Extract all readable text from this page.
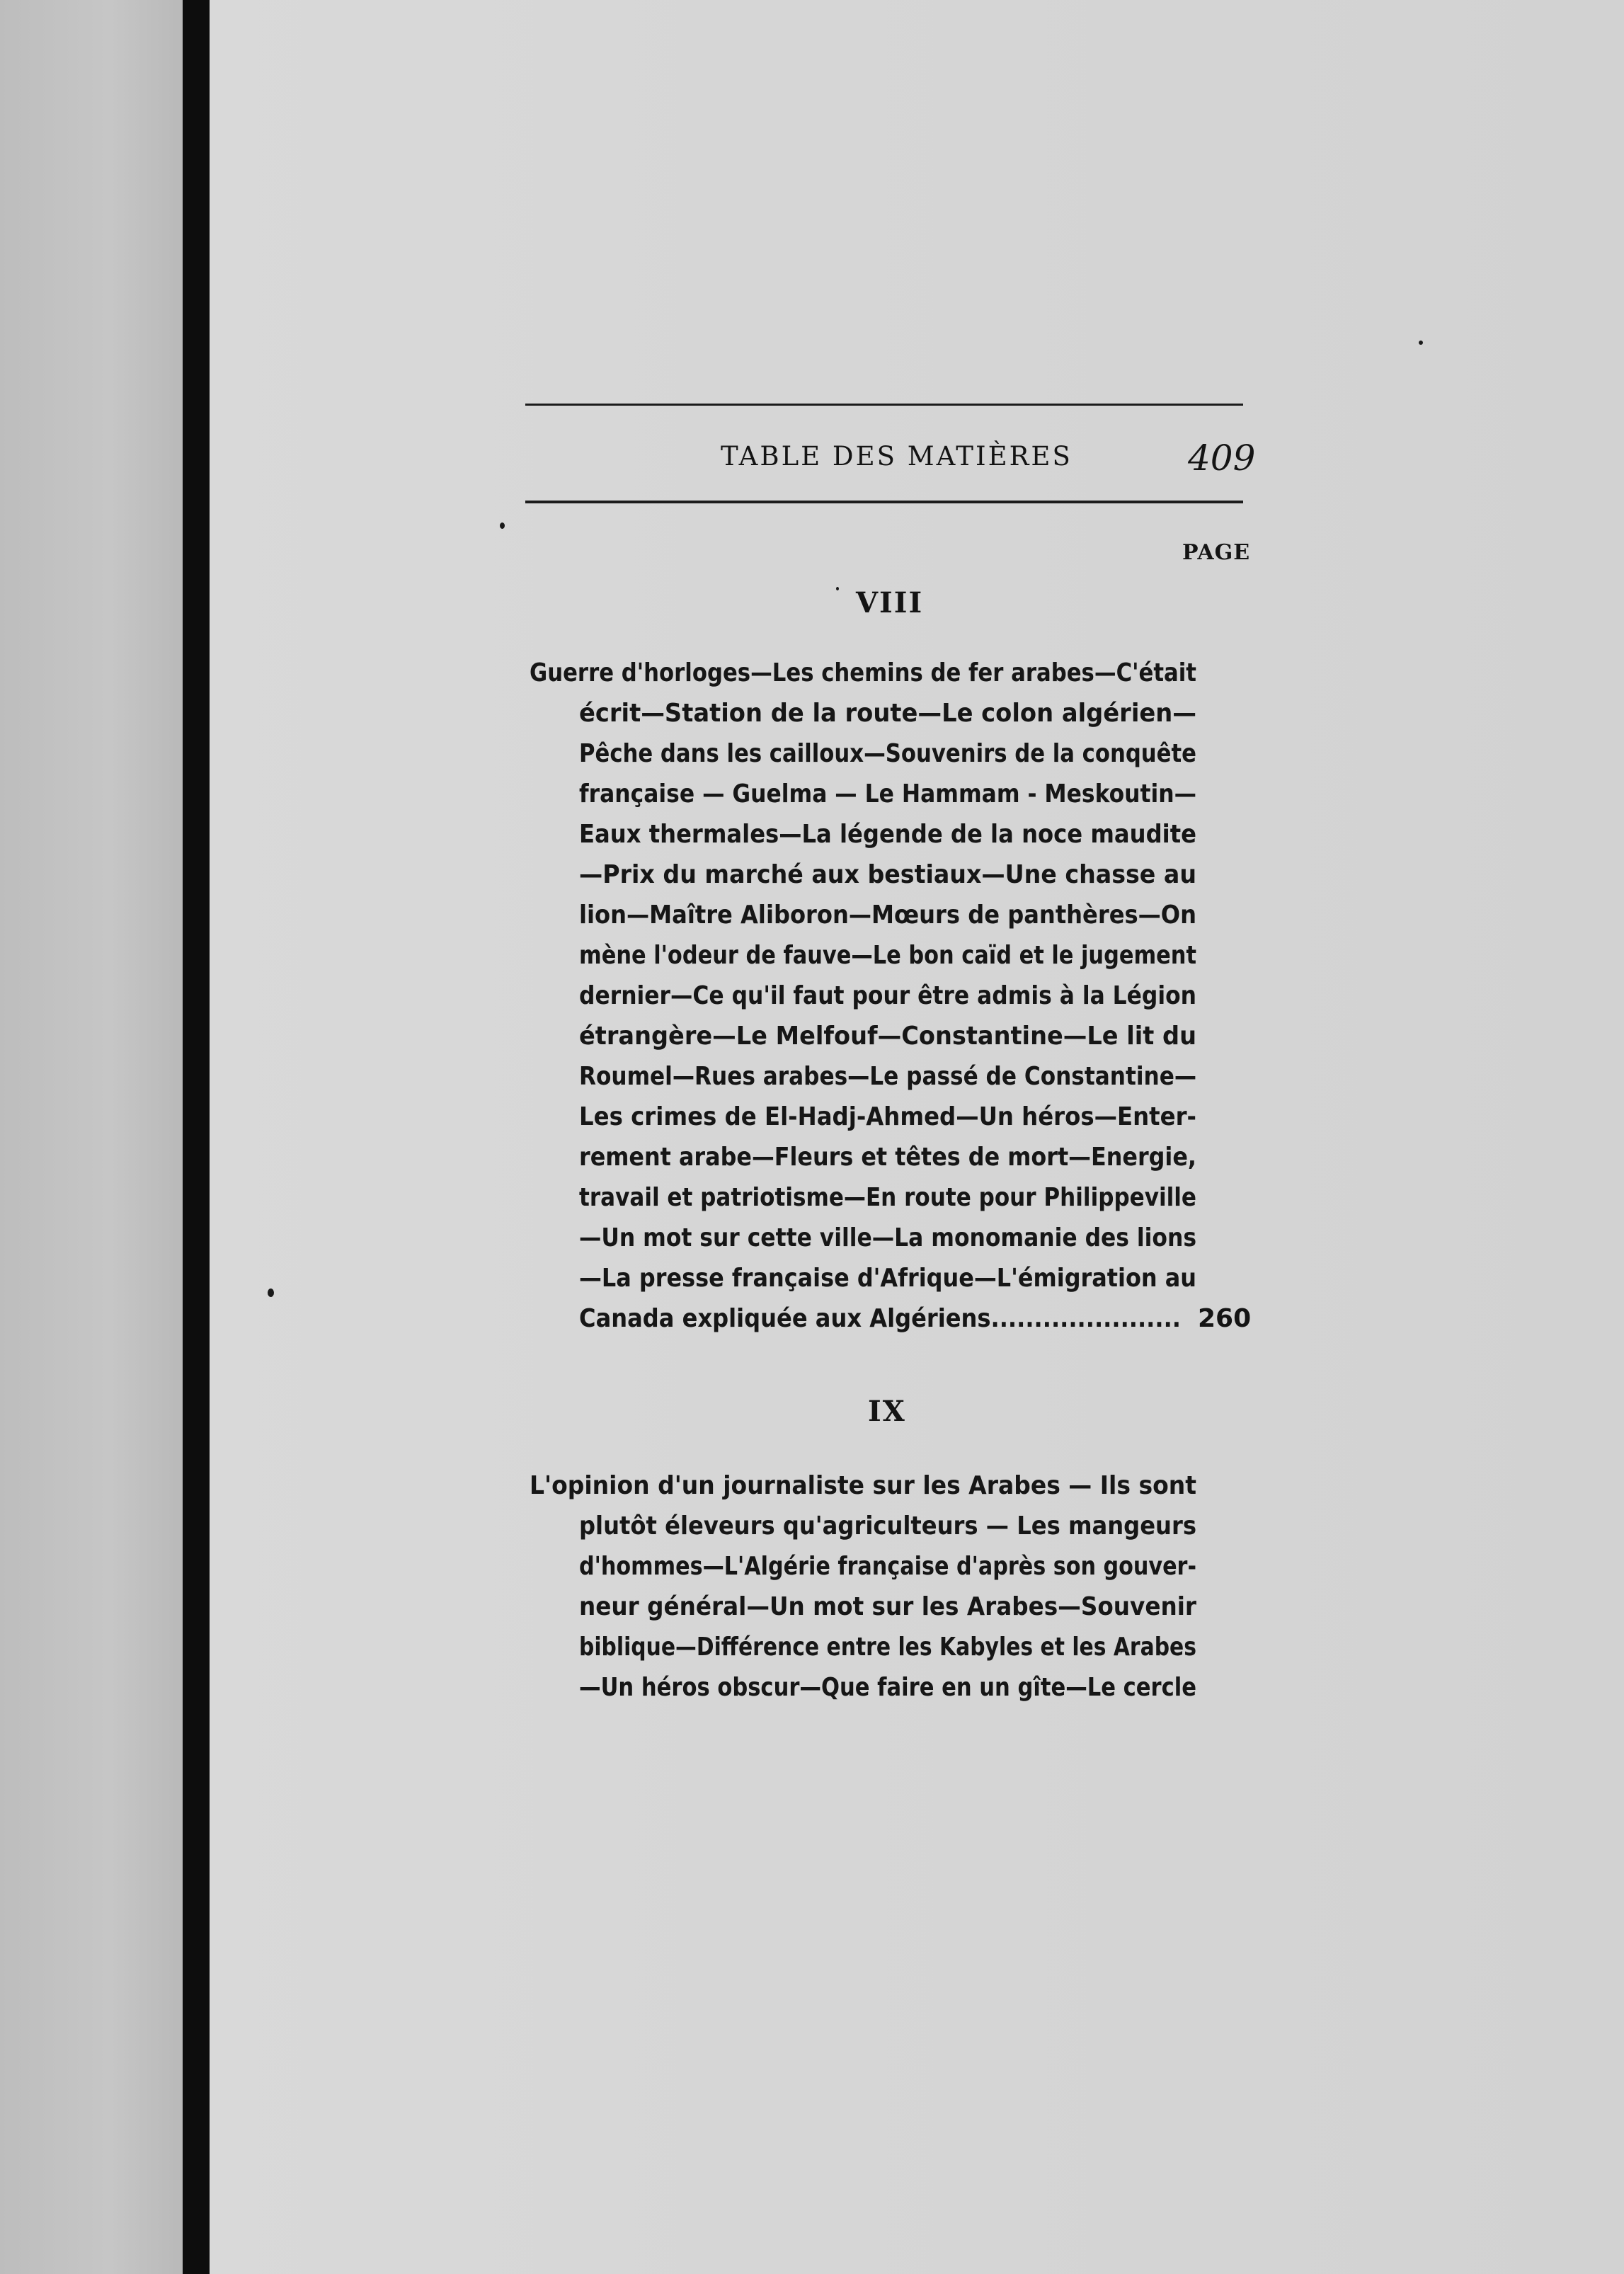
TABLE DES MATIÈRES	409
PAGE
VIII
Guerre d'horloges—Les chemins de fer arabes—C'était
écrit—Station de la route—Le colon algérien—
Pêche dans les cailloux—Souvenirs de la conquête
française — Guelma — Le Hammam - Meskoutin—
Eaux thermales—La légende de la noce maudite
—Prix du marché aux bestiaux—Une chasse au
lion—Maître Aliboron—Mœurs de panthères—On
mène l'odeur de fauve—Le bon caïd et le jugement
dernier—Ce qu'il faut pour être admis à la Légion
étrangère—Le Melfouf—Constantine—Le lit du
Roumel—Rues arabes—Le passé de Constantine—
Les crimes de El-Hadj-Ahmed—Un héros—Enter-
rement arabe—Fleurs et têtes de mort—Energie,
travail et patriotisme—En route pour Philippeville
—Un mot sur cette ville—La monomanie des lions
—La presse française d'Afrique—L'émigration au
Canada expliquée aux Algériens...................... 260
IX
L'opinion d'un journaliste sur les Arabes — Ils sont
plutôt éleveurs qu'agriculteurs — Les mangeurs
d'hommes—L'Algérie française d'après son gouver-
neur général—Un mot sur les Arabes—Souvenir
biblique—Différence entre les Kabyles et les Arabes
—Un héros obscur—Que faire en un gîte—Le cercle
